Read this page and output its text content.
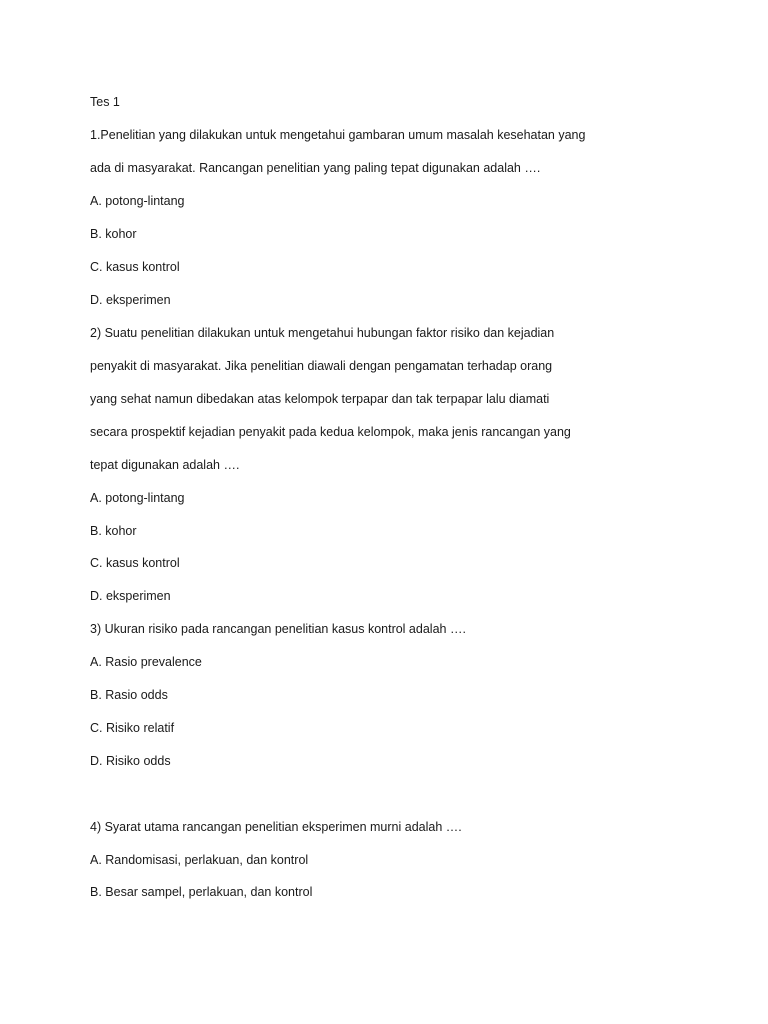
Tes 1
1.Penelitian yang dilakukan untuk mengetahui gambaran umum masalah kesehatan yang
ada di masyarakat. Rancangan penelitian yang paling tepat digunakan adalah ….
A. potong-lintang
B. kohor
C. kasus kontrol
D. eksperimen
2) Suatu penelitian dilakukan untuk mengetahui hubungan faktor risiko dan kejadian
penyakit di masyarakat. Jika penelitian diawali dengan pengamatan terhadap orang
yang sehat namun dibedakan atas kelompok terpapar dan tak terpapar lalu diamati
secara prospektif kejadian penyakit pada kedua kelompok, maka jenis rancangan yang
tepat digunakan adalah ….
A. potong-lintang
B. kohor
C. kasus kontrol
D. eksperimen
3) Ukuran risiko pada rancangan penelitian kasus kontrol adalah ….
A. Rasio prevalence
B. Rasio odds
C. Risiko relatif
D. Risiko odds
4) Syarat utama rancangan penelitian eksperimen murni adalah ….
A. Randomisasi, perlakuan, dan kontrol
B. Besar sampel, perlakuan, dan kontrol
